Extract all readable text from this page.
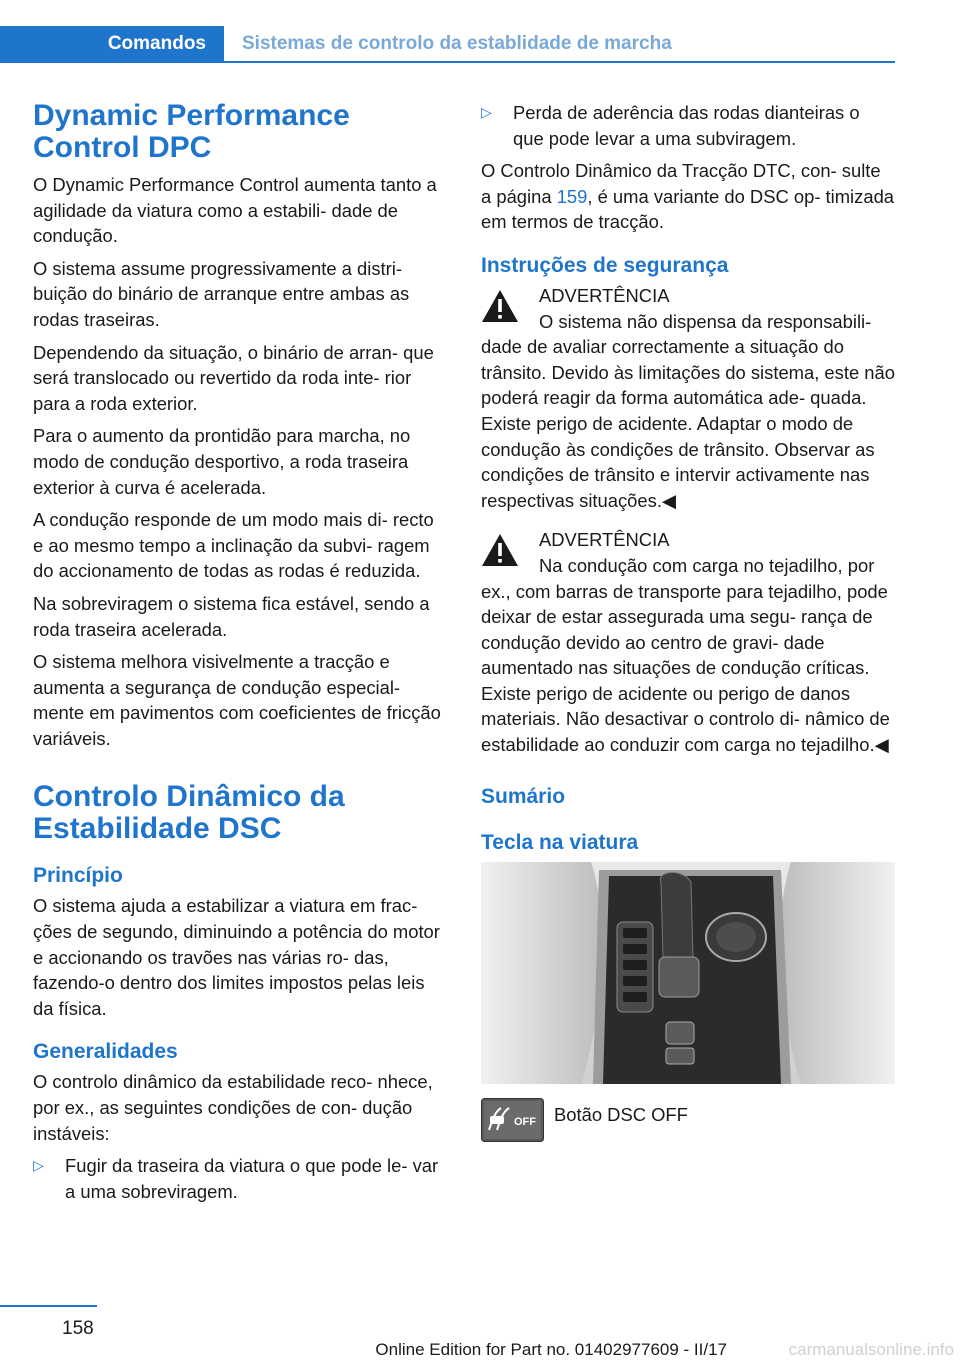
Comandos	Sistemas de controlo da establidade de marcha
Dynamic Performance Control DPC

O Dynamic Performance Control aumenta tanto a agilidade da viatura como a estabili‐ dade de condução.

O sistema assume progressivamente a distri‐ buição do binário de arranque entre ambas as rodas traseiras.

Dependendo da situação, o binário de arran‐ que será translocado ou revertido da roda inte‐ rior para a roda exterior.

Para o aumento da prontidão para marcha, no modo de condução desportivo, a roda traseira exterior à curva é acelerada.

A condução responde de um modo mais di‐ recto e ao mesmo tempo a inclinação da subvi‐ ragem do accionamento de todas as rodas é reduzida.

Na sobreviragem o sistema fica estável, sendo a roda traseira acelerada.

O sistema melhora visivelmente a tracção e aumenta a segurança de condução especial‐ mente em pavimentos com coeficientes de fricção variáveis.

Controlo Dinâmico da Estabilidade DSC
Princípio

O sistema ajuda a estabilizar a viatura em frac‐ ções de segundo, diminuindo a potência do motor e accionando os travões nas várias ro‐ das, fazendo-o dentro dos limites impostos pelas leis da física.

Generalidades

O controlo dinâmico da estabilidade reco‐ nhece, por ex., as seguintes condições de con‐ dução instáveis:

▷ Fugir da traseira da viatura o que pode le‐ var a uma sobreviragem.
▷ Perda de aderência das rodas dianteiras o que pode levar a uma subviragem.

O Controlo Dinâmico da Tracção DTC, con‐ sulte a página 159, é uma variante do DSC op‐ timizada em termos de tracção.

Instruções de segurança
ADVERTÊNCIA
O sistema não dispensa da responsabili‐ dade de avaliar correctamente a situação do trânsito. Devido às limitações do sistema, este não poderá reagir da forma automática ade‐ quada. Existe perigo de acidente. Adaptar o modo de condução às condições de trânsito. Observar as condições de trânsito e intervir activamente nas respectivas situações.◀
ADVERTÊNCIA
Na condução com carga no tejadilho, por ex., com barras de transporte para tejadilho, pode deixar de estar assegurada uma segu‐ rança de condução devido ao centro de gravi‐ dade aumentado nas situações de condução críticas. Existe perigo de acidente ou perigo de danos materiais. Não desactivar o controlo di‐ nâmico de estabilidade ao conduzir com carga no tejadilho.◀
Sumário
Tecla na viatura
OFF Botão DSC OFF
158
Online Edition for Part no. 01402977609 - II/17	carmanualsonline.info
